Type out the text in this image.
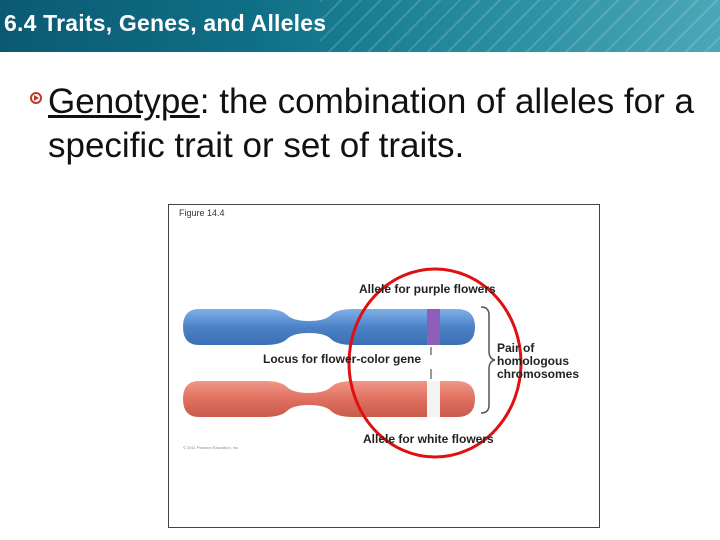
6.4 Traits, Genes, and Alleles
Genotype: the combination of alleles for a specific trait or set of traits.
Figure 14.4
Allele for purple flowers
Locus for flower-color gene
Pair of
homologous
chromosomes
Allele for white flowers
© 2011 Pearson Education, Inc.
